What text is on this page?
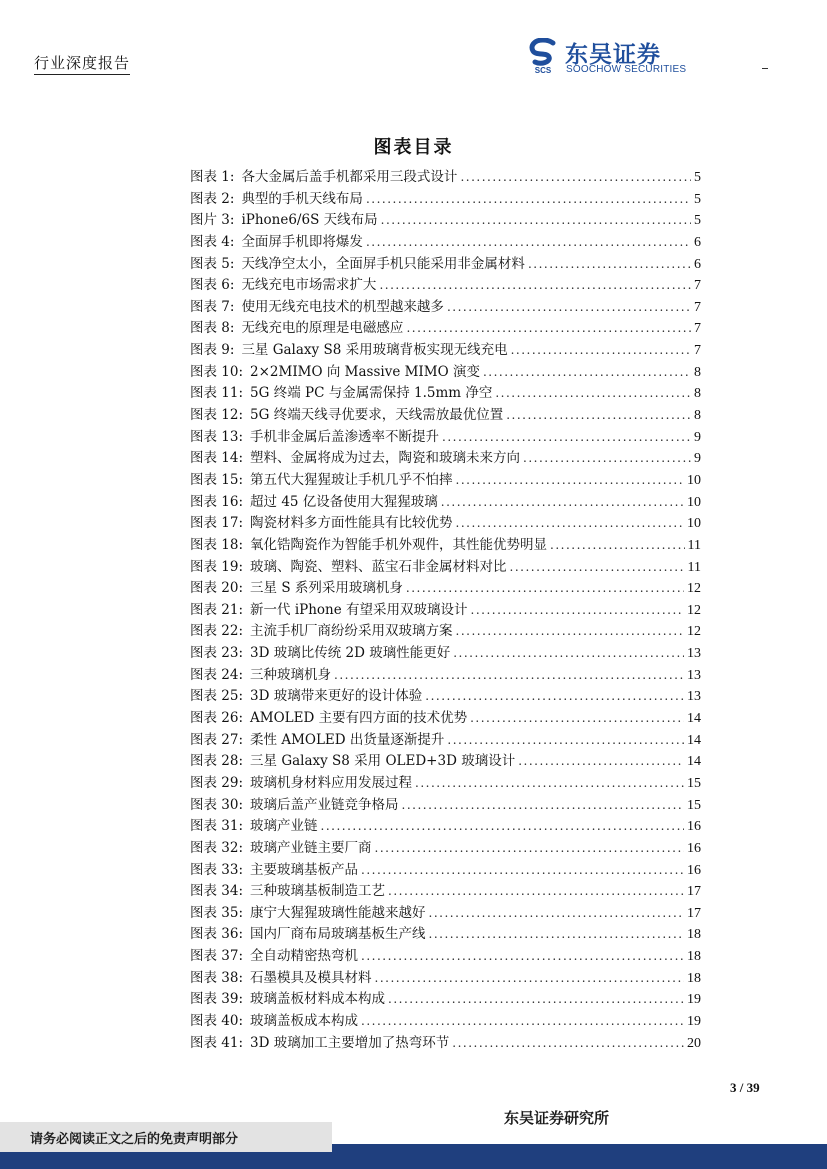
行业深度报告	SCS
东吴证券
SOOCHOW SECURITIES
图表目录
图表 1: 各大金属后盖手机都采用三段式设计 .....	5
图表 2: 典型的手机天线布局 .....	5
图片 3: iPhone6/6S 天线布局 .....	5
图表 4: 全面屏手机即将爆发 .....	6
图表 5: 天线净空太小，全面屏手机只能采用非金属材料 .....	6
图表 6: 无线充电市场需求扩大 .....	7
图表 7: 使用无线充电技术的机型越来越多 .....	7
图表 8: 无线充电的原理是电磁感应 .....	7
图表 9: 三星 Galaxy S8 采用玻璃背板实现无线充电 .....	7
图表 10: 2×2MIMO 向 Massive MIMO 演变 .....	8
图表 11: 5G 终端 PC 与金属需保持 1.5mm 净空 .....	8
图表 12: 5G 终端天线寻优要求，天线需放最优位置 .....	8
图表 13: 手机非金属后盖渗透率不断提升 .....	9
图表 14: 塑料、金属将成为过去，陶瓷和玻璃未来方向 .....	9
图表 15: 第五代大猩猩玻让手机几乎不怕摔 .....	10
图表 16: 超过 45 亿设备使用大猩猩玻璃 .....	10
图表 17: 陶瓷材料多方面性能具有比较优势 .....	10
图表 18: 氧化锆陶瓷作为智能手机外观件，其性能优势明显 .....	11
图表 19: 玻璃、陶瓷、塑料、蓝宝石非金属材料对比 .....	11
图表 20: 三星 S 系列采用玻璃机身 .....	12
图表 21: 新一代 iPhone 有望采用双玻璃设计 .....	12
图表 22: 主流手机厂商纷纷采用双玻璃方案 .....	12
图表 23: 3D 玻璃比传统 2D 玻璃性能更好 .....	13
图表 24: 三种玻璃机身 .....	13
图表 25: 3D 玻璃带来更好的设计体验 .....	13
图表 26: AMOLED 主要有四方面的技术优势 .....	14
图表 27: 柔性 AMOLED 出货量逐渐提升 .....	14
图表 28: 三星 Galaxy S8 采用 OLED+3D 玻璃设计 .....	14
图表 29: 玻璃机身材料应用发展过程 .....	15
图表 30: 玻璃后盖产业链竞争格局 .....	15
图表 31: 玻璃产业链 .....	16
图表 32: 玻璃产业链主要厂商 .....	16
图表 33: 主要玻璃基板产品 .....	16
图表 34: 三种玻璃基板制造工艺 .....	17
图表 35: 康宁大猩猩玻璃性能越来越好 .....	17
图表 36: 国内厂商布局玻璃基板生产线 .....	18
图表 37: 全自动精密热弯机 .....	18
图表 38: 石墨模具及模具材料 .....	18
图表 39: 玻璃盖板材料成本构成 .....	19
图表 40: 玻璃盖板成本构成 .....	19
图表 41: 3D 玻璃加工主要增加了热弯环节 .....	20
3 / 39
东吴证券研究所
请务必阅读正文之后的免责声明部分
